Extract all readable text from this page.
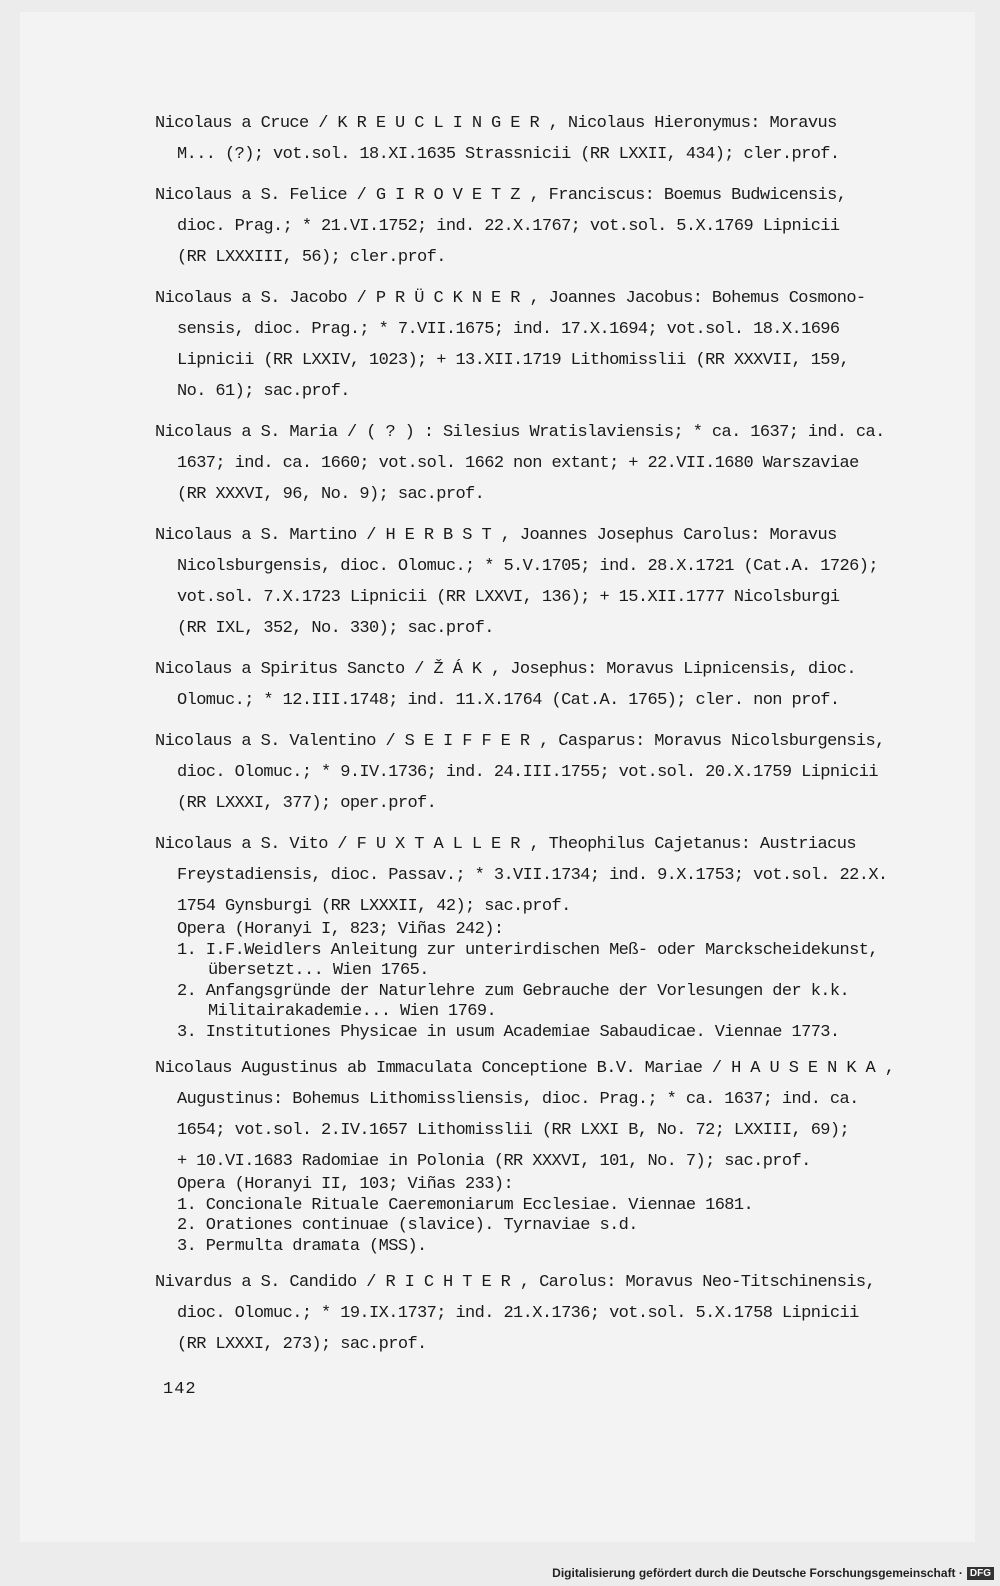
Nicolaus a Cruce / K R E U C L I N G E R , Nicolaus Hieronymus: Moravus
M... (?); vot.sol. 18.XI.1635 Strassnicii (RR LXXII, 434); cler.prof.
Nicolaus a S. Felice / G I R O V E T Z , Franciscus: Boemus Budwicensis,
dioc. Prag.; * 21.VI.1752; ind. 22.X.1767; vot.sol. 5.X.1769 Lipnicii
(RR LXXXIII, 56); cler.prof.
Nicolaus a S. Jacobo / P R Ü C K N E R , Joannes Jacobus: Bohemus Cosmono-
sensis, dioc. Prag.; * 7.VII.1675; ind. 17.X.1694; vot.sol. 18.X.1696
Lipnicii (RR LXXIV, 1023); + 13.XII.1719 Lithomisslii (RR XXXVII, 159,
No. 61); sac.prof.
Nicolaus a S. Maria / ( ? ) : Silesius Wratislaviensis; * ca. 1637; ind. ca.
1637; ind. ca. 1660; vot.sol. 1662 non extant; + 22.VII.1680 Warszaviae
(RR XXXVI, 96, No. 9); sac.prof.
Nicolaus a S. Martino / H E R B S T , Joannes Josephus Carolus: Moravus
Nicolsburgensis, dioc. Olomuc.; * 5.V.1705; ind. 28.X.1721 (Cat.A. 1726);
vot.sol. 7.X.1723 Lipnicii (RR LXXVI, 136); + 15.XII.1777 Nicolsburgi
(RR IXL, 352, No. 330); sac.prof.
Nicolaus a Spiritus Sancto / Ž Á K , Josephus: Moravus Lipnicensis, dioc.
Olomuc.; * 12.III.1748; ind. 11.X.1764 (Cat.A. 1765); cler. non prof.
Nicolaus a S. Valentino / S E I F F E R , Casparus: Moravus Nicolsburgensis,
dioc. Olomuc.; * 9.IV.1736; ind. 24.III.1755; vot.sol. 20.X.1759 Lipnicii
(RR LXXXI, 377); oper.prof.
Nicolaus a S. Vito / F U X T A L L E R , Theophilus Cajetanus: Austriacus
Freystadiensis, dioc. Passav.; * 3.VII.1734; ind. 9.X.1753; vot.sol. 22.X.
1754 Gynsburgi (RR LXXXII, 42); sac.prof.
Opera (Horanyi I, 823; Viñas 242):
1. I.F.Weidlers Anleitung zur unterirdischen Meß- oder Marckscheidekunst,
übersetzt... Wien 1765.
2. Anfangsgründe der Naturlehre zum Gebrauche der Vorlesungen der k.k.
Militairakademie... Wien 1769.
3. Institutiones Physicae in usum Academiae Sabaudicae. Viennae 1773.
Nicolaus Augustinus ab Immaculata Conceptione B.V. Mariae / H A U S E N K A ,
Augustinus: Bohemus Lithomissliensis, dioc. Prag.; * ca. 1637; ind. ca.
1654; vot.sol. 2.IV.1657 Lithomisslii (RR LXXI B, No. 72; LXXIII, 69);
+ 10.VI.1683 Radomiae in Polonia (RR XXXVI, 101, No. 7); sac.prof.
Opera (Horanyi II, 103; Viñas 233):
1. Concionale Rituale Caeremoniarum Ecclesiae. Viennae 1681.
2. Orationes continuae (slavice). Tyrnaviae s.d.
3. Permulta dramata (MSS).
Nivardus a S. Candido / R I C H T E R , Carolus: Moravus Neo-Titschinensis,
dioc. Olomuc.; * 19.IX.1737; ind. 21.X.1736; vot.sol. 5.X.1758 Lipnicii
(RR LXXXI, 273); sac.prof.
142
Digitalisierung gefördert durch die Deutsche Forschungsgemeinschaft · DFG
